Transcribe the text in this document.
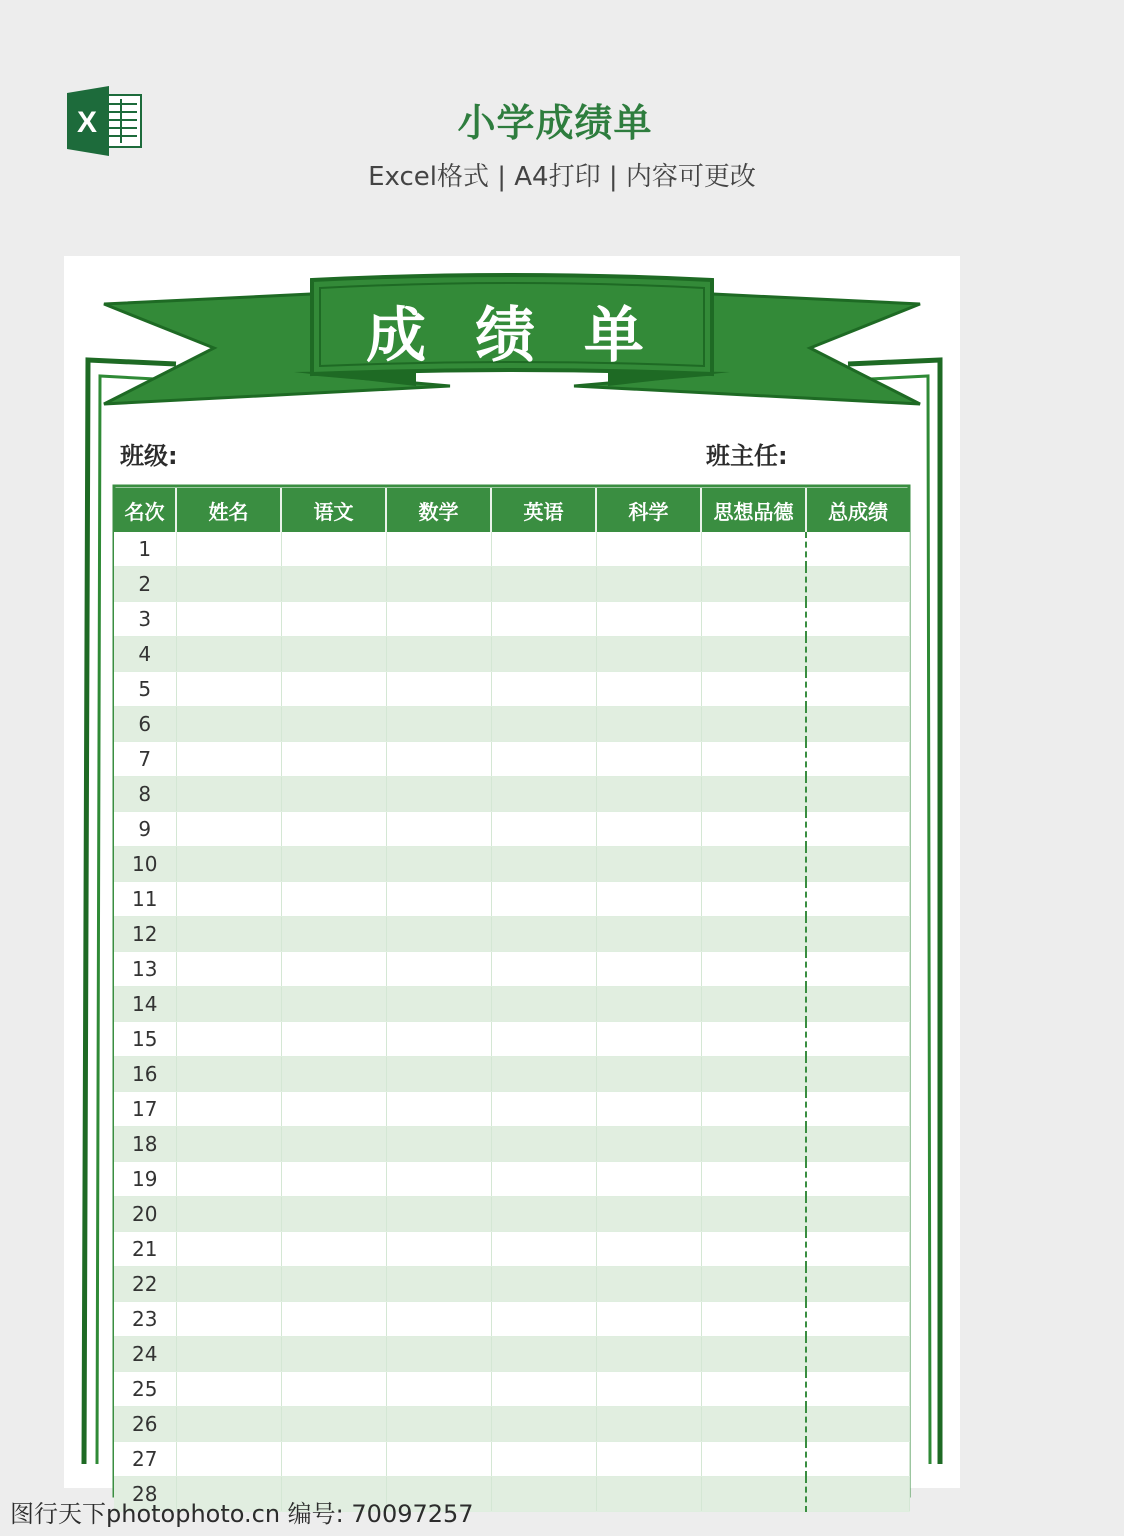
X	小学成绩单
Excel格式 | A4打印 | 内容可更改
成 绩 单
班级:	班主任:
名次	姓名	语文	数学	英语	科学	思想品德	总成绩
1							
2							
3							
4							
5							
6							
7							
8							
9							
10							
11							
12							
13							
14							
15							
16							
17							
18							
19							
20							
21							
22							
23							
24							
25							
26							
27							
28							
图行天下photophoto.cn 编号: 70097257
